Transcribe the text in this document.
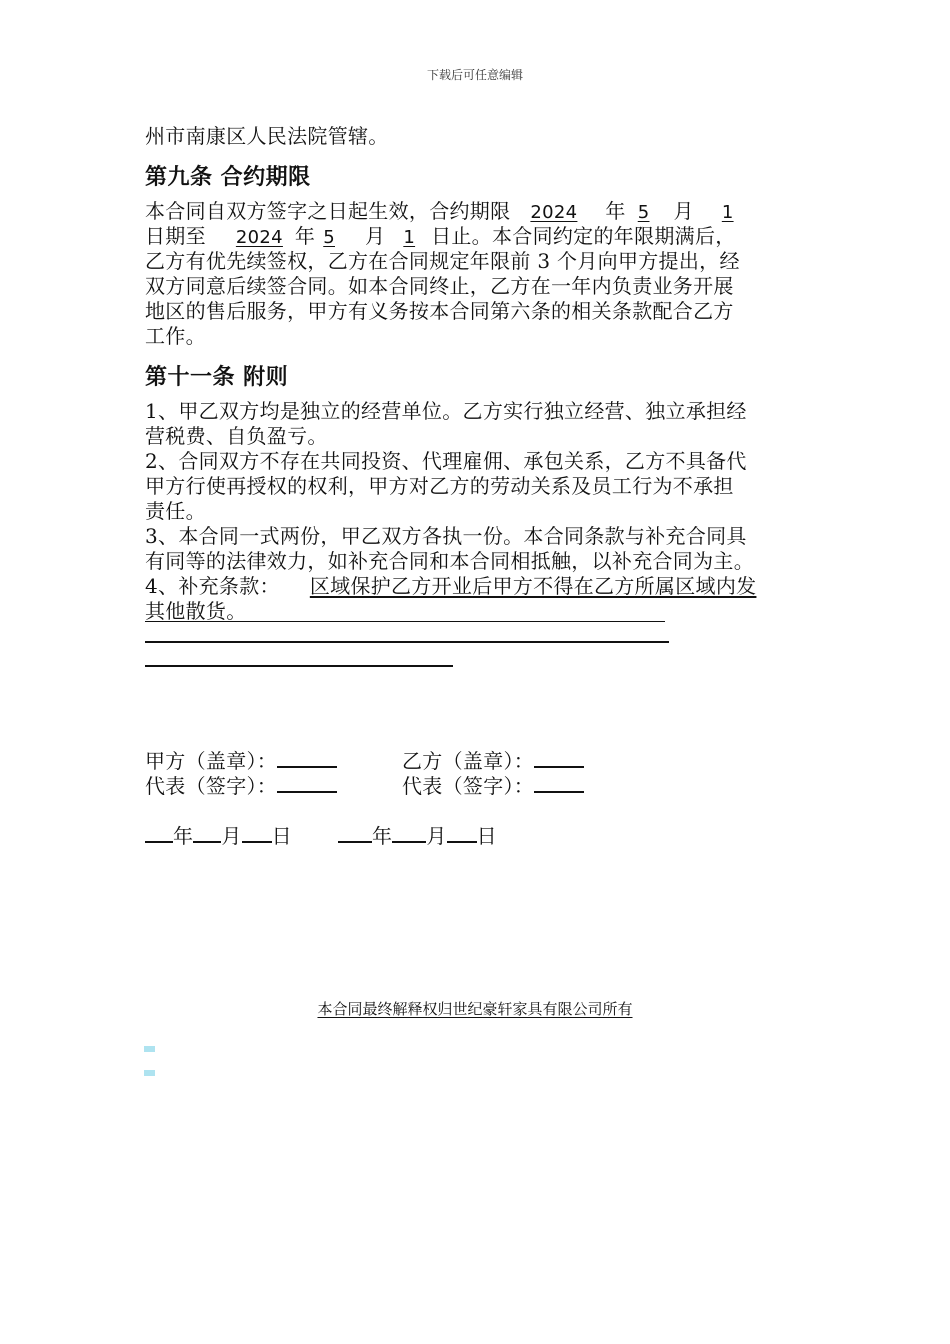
下载后可任意编辑
州市南康区人民法院管辖。
第九条 合约期限
本合同自双方签字之日起生效，合约期限 2024 年 5 月 1
日期至 2024 年 5 月 1 日止。本合同约定的年限期满后，
乙方有优先续签权，乙方在合同规定年限前 3 个月向甲方提出，经
双方同意后续签合同。如本合同终止，乙方在一年内负责业务开展
地区的售后服务，甲方有义务按本合同第六条的相关条款配合乙方
工作。
第十一条 附则
1、甲乙双方均是独立的经营单位。乙方实行独立经营、独立承担经
营税费、自负盈亏。
2、合同双方不存在共同投资、代理雇佣、承包关系，乙方不具备代
甲方行使再授权的权利，甲方对乙方的劳动关系及员工行为不承担
责任。
3、本合同一式两份，甲乙双方各执一份。本合同条款与补充合同具
有同等的法律效力，如补充合同和本合同相抵触，以补充合同为主。
4、补充条款： 区域保护乙方开业后甲方不得在乙方所属区域内发
其他散货。
甲方（盖章）：	乙方（盖章）：
代表（签字）：	代表（签字）：
年 月 日	年 月 日
本合同最终解释权归世纪豪轩家具有限公司所有
